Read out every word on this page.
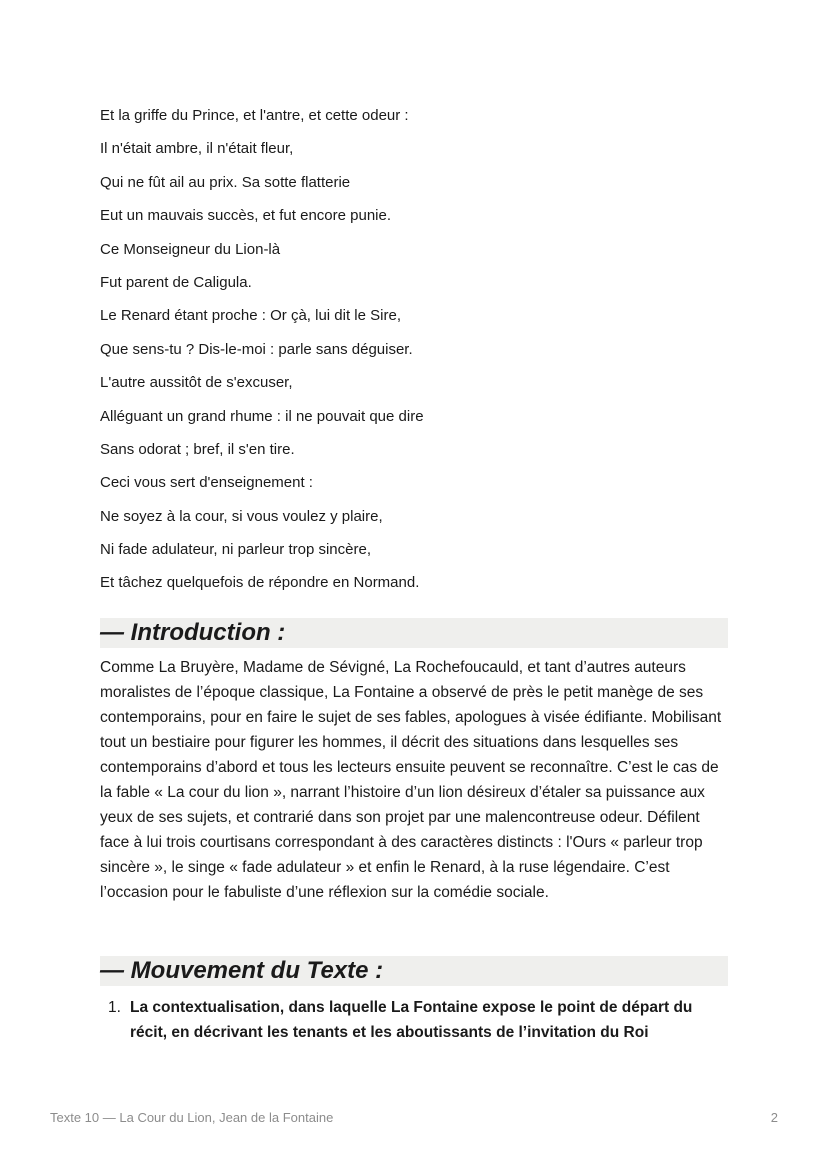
Et la griffe du Prince, et l'antre, et cette odeur :
Il n'était ambre, il n'était fleur,
Qui ne fût ail au prix. Sa sotte flatterie
Eut un mauvais succès, et fut encore punie.
Ce Monseigneur du Lion-là
Fut parent de Caligula.
Le Renard étant proche : Or çà, lui dit le Sire,
Que sens-tu ? Dis-le-moi : parle sans déguiser.
L'autre aussitôt de s'excuser,
Alléguant un grand rhume : il ne pouvait que dire
Sans odorat ; bref, il s'en tire.
Ceci vous sert d'enseignement :
Ne soyez à la cour, si vous voulez y plaire,
Ni fade adulateur, ni parleur trop sincère,
Et tâchez quelquefois de répondre en Normand.
— Introduction :

Comme La Bruyère, Madame de Sévigné, La Rochefoucauld, et tant d’autres auteurs moralistes de l’époque classique, La Fontaine a observé de près le petit manège de ses contemporains, pour en faire le sujet de ses fables, apologues à visée édifiante. Mobilisant tout un bestiaire pour figurer les hommes, il décrit des situations dans lesquelles ses contemporains d’abord et tous les lecteurs ensuite peuvent se reconnaître. C’est le cas de la fable « La cour du lion », narrant l’histoire d’un lion désireux d’étaler sa puissance aux yeux de ses sujets, et contrarié dans son projet par une malencontreuse odeur. Défilent face à lui trois courtisans correspondant à des caractères distincts : l'Ours « parleur trop sincère », le singe « fade adulateur » et enfin le Renard, à la ruse légendaire. C’est l’occasion pour le fabuliste d’une réflexion sur la comédie sociale.

— Mouvement du Texte :
1. La contextualisation, dans laquelle La Fontaine expose le point de départ du récit, en décrivant les tenants et les aboutissants de l’invitation du Roi
Texte 10 — La Cour du Lion, Jean de la Fontaine	2
